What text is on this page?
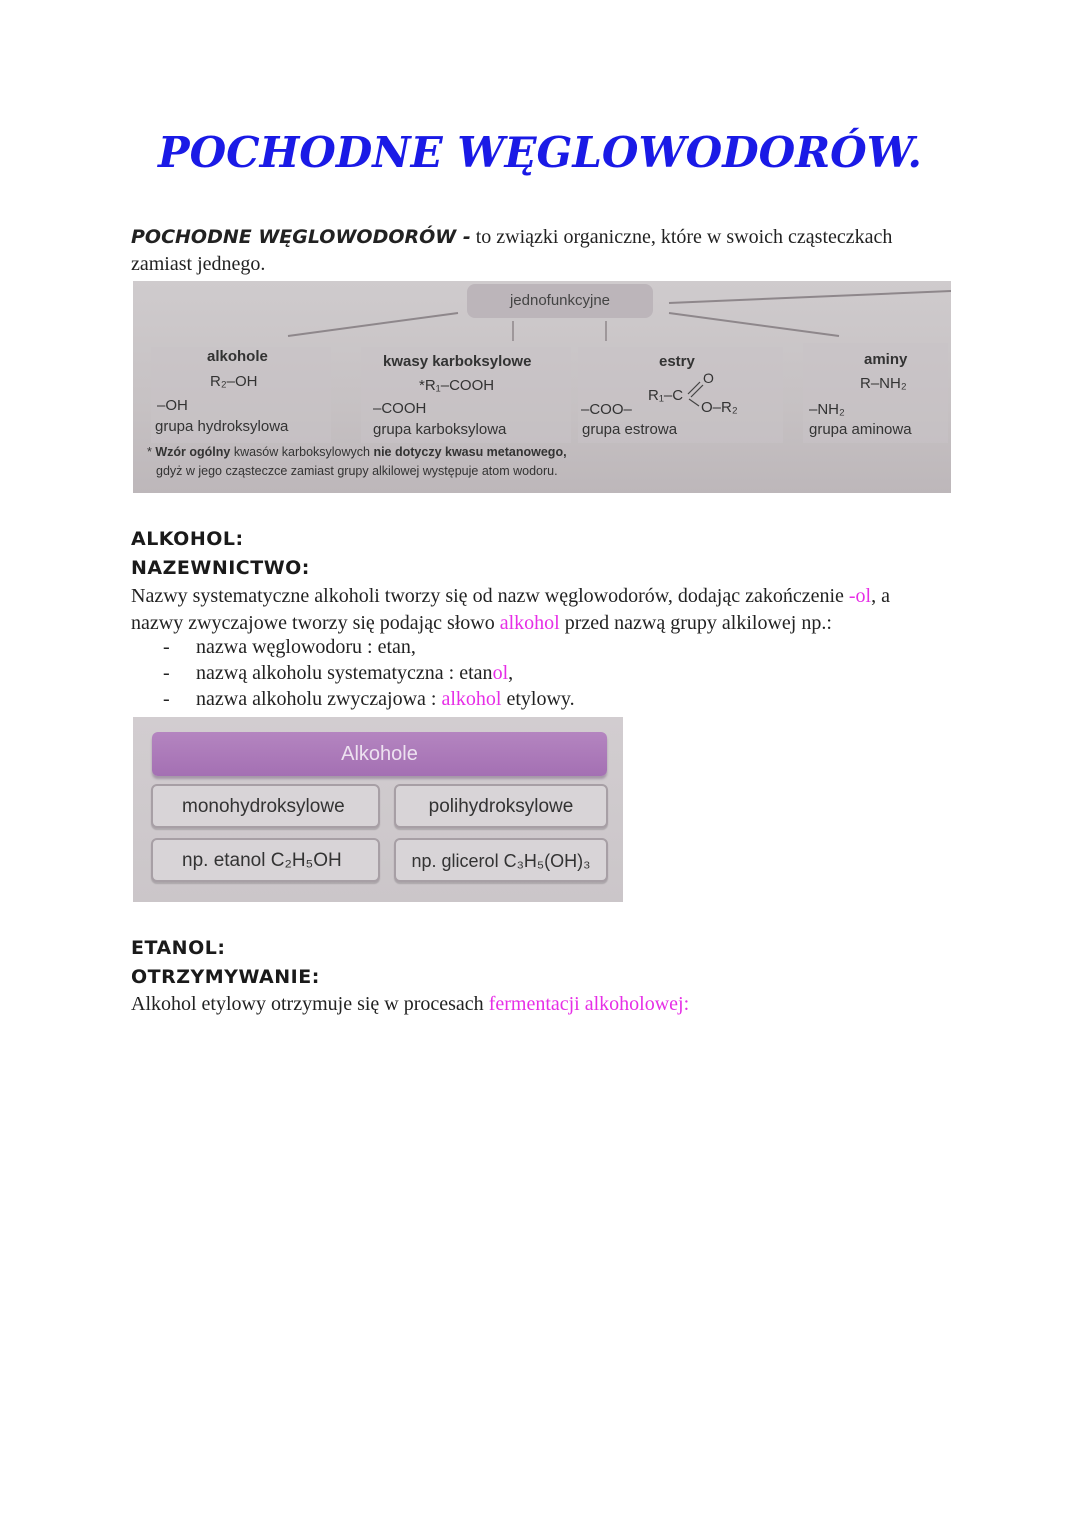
POCHODNE WĘGLOWODORÓW.
POCHODNE WĘGLOWODORÓW - to związki organiczne, które w swoich cząsteczkach
zamiast jednego.
jednofunkcyjne
alkohole
R₂–OH
–OH
grupa hydroksylowa
kwasy karboksylowe
*R₁–COOH
–COOH
grupa karboksylowa
estry
R₁–C
O
O–R₂
–COO–
grupa estrowa
aminy
R–NH₂
–NH₂
grupa aminowa
* Wzór ogólny kwasów karboksylowych nie dotyczy kwasu metanowego,
gdyż w jego cząsteczce zamiast grupy alkilowej występuje atom wodoru.
ALKOHOL:
NAZEWNICTWO:
Nazwy systematyczne alkoholi tworzy się od nazw węglowodorów, dodając zakończenie -ol, a
nazwy zwyczajowe tworzy się podając słowo alkohol przed nazwą grupy alkilowej np.:
- nazwa węglowodoru : etan,
- nazwą alkoholu systematyczna : etanol,
- nazwa alkoholu zwyczajowa : alkohol etylowy.
Alkohole
monohydroksylowe	polihydroksylowe
np. etanol C₂H₅OH	np. glicerol C₃H₅(OH)₃
ETANOL:
OTRZYMYWANIE:
Alkohol etylowy otrzymuje się w procesach fermentacji alkoholowej:
